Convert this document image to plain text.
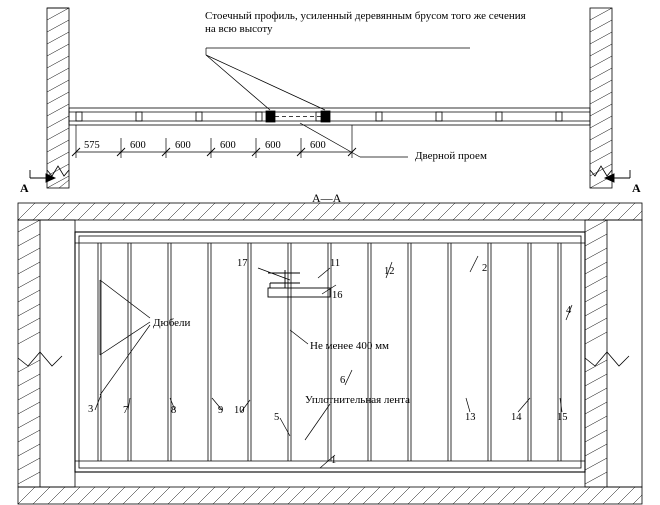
Стоечный профиль, усиленный деревянным брусом того же сечения на всю высоту
Дверной проем
575	600	600	600	600	600
A	A
А—А
Дюбели
Не менее 400 мм
Уплотнительная лента
1
2
3
4
5
6
7	8	9 10
11
12
13	14	15
16
17
